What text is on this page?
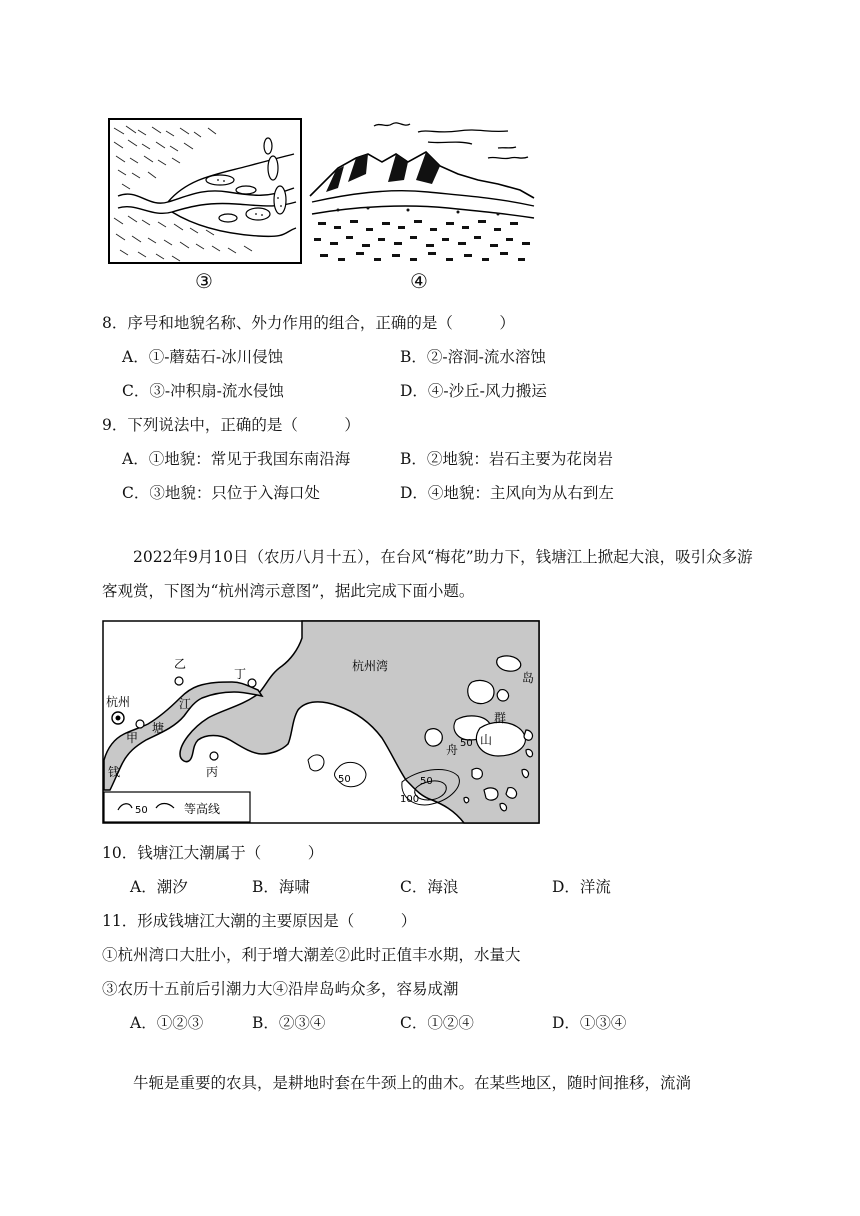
③	④
8．序号和地貌名称、外力作用的组合，正确的是（　　　）
A．①-蘑菇石-冰川侵蚀	B．②-溶洞-流水溶蚀
C．③-冲积扇-流水侵蚀	D．④-沙丘-风力搬运
9．下列说法中，正确的是（　　　）
A．①地貌：常见于我国东南沿海	B．②地貌：岩石主要为花岗岩
C．③地貌：只位于入海口处	D．④地貌：主风向为从右到左
2022年9月10日（农历八月十五），在台风“梅花”助力下，钱塘江上掀起大浪，吸引众多游客观赏，下图为“杭州湾示意图”，据此完成下面小题。
杭州湾
杭州
乙
江
丁
甲
塘
钱	丙
岛
群
山
舟 50
50	50
100
50	等高线
10．钱塘江大潮属于（　　　）
A．潮汐	B．海啸	C．海浪	D．洋流
11．形成钱塘江大潮的主要原因是（　　　）
①杭州湾口大肚小，利于增大潮差②此时正值丰水期，水量大
③农历十五前后引潮力大④沿岸岛屿众多，容易成潮
A．①②③	B．②③④	C．①②④	D．①③④
牛轭是重要的农具，是耕地时套在牛颈上的曲木。在某些地区，随时间推移，流淌
